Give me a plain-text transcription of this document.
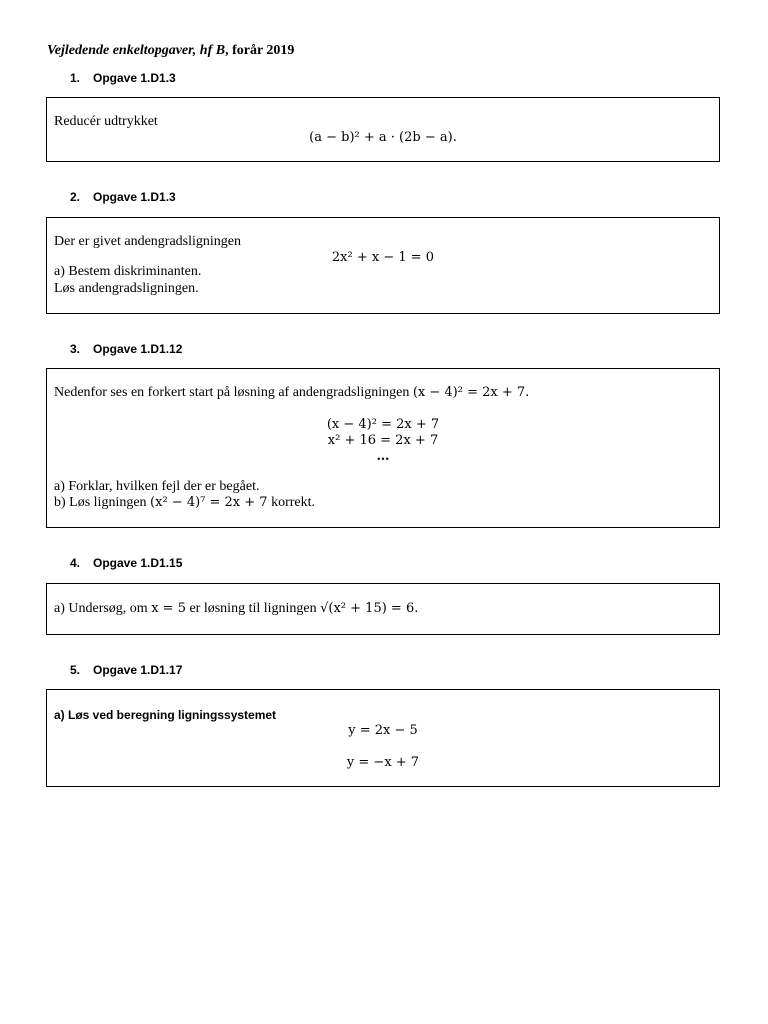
Vejledende enkeltopgaver, hf B, forår 2019
1. Opgave 1.D1.3
Reducér udtrykket
(a − b)² + a · (2b − a).
2. Opgave 1.D1.3
Der er givet andengradsligningen
2x² + x − 1 = 0
a) Bestem diskriminanten.
Løs andengradsligningen.
3. Opgave 1.D1.12
Nedenfor ses en forkert start på løsning af andengradsligningen (x − 4)² = 2x + 7.
(x − 4)² = 2x + 7
x² + 16 = 2x + 7
…
a) Forklar, hvilken fejl der er begået.
b) Løs ligningen (x² − 4)⁷ = 2x + 7 korrekt.
4. Opgave 1.D1.15
a) Undersøg, om x = 5 er løsning til ligningen √(x² + 15) = 6.
5. Opgave 1.D1.17
a) Løs ved beregning ligningssystemet
y = 2x − 5
y = −x + 7
